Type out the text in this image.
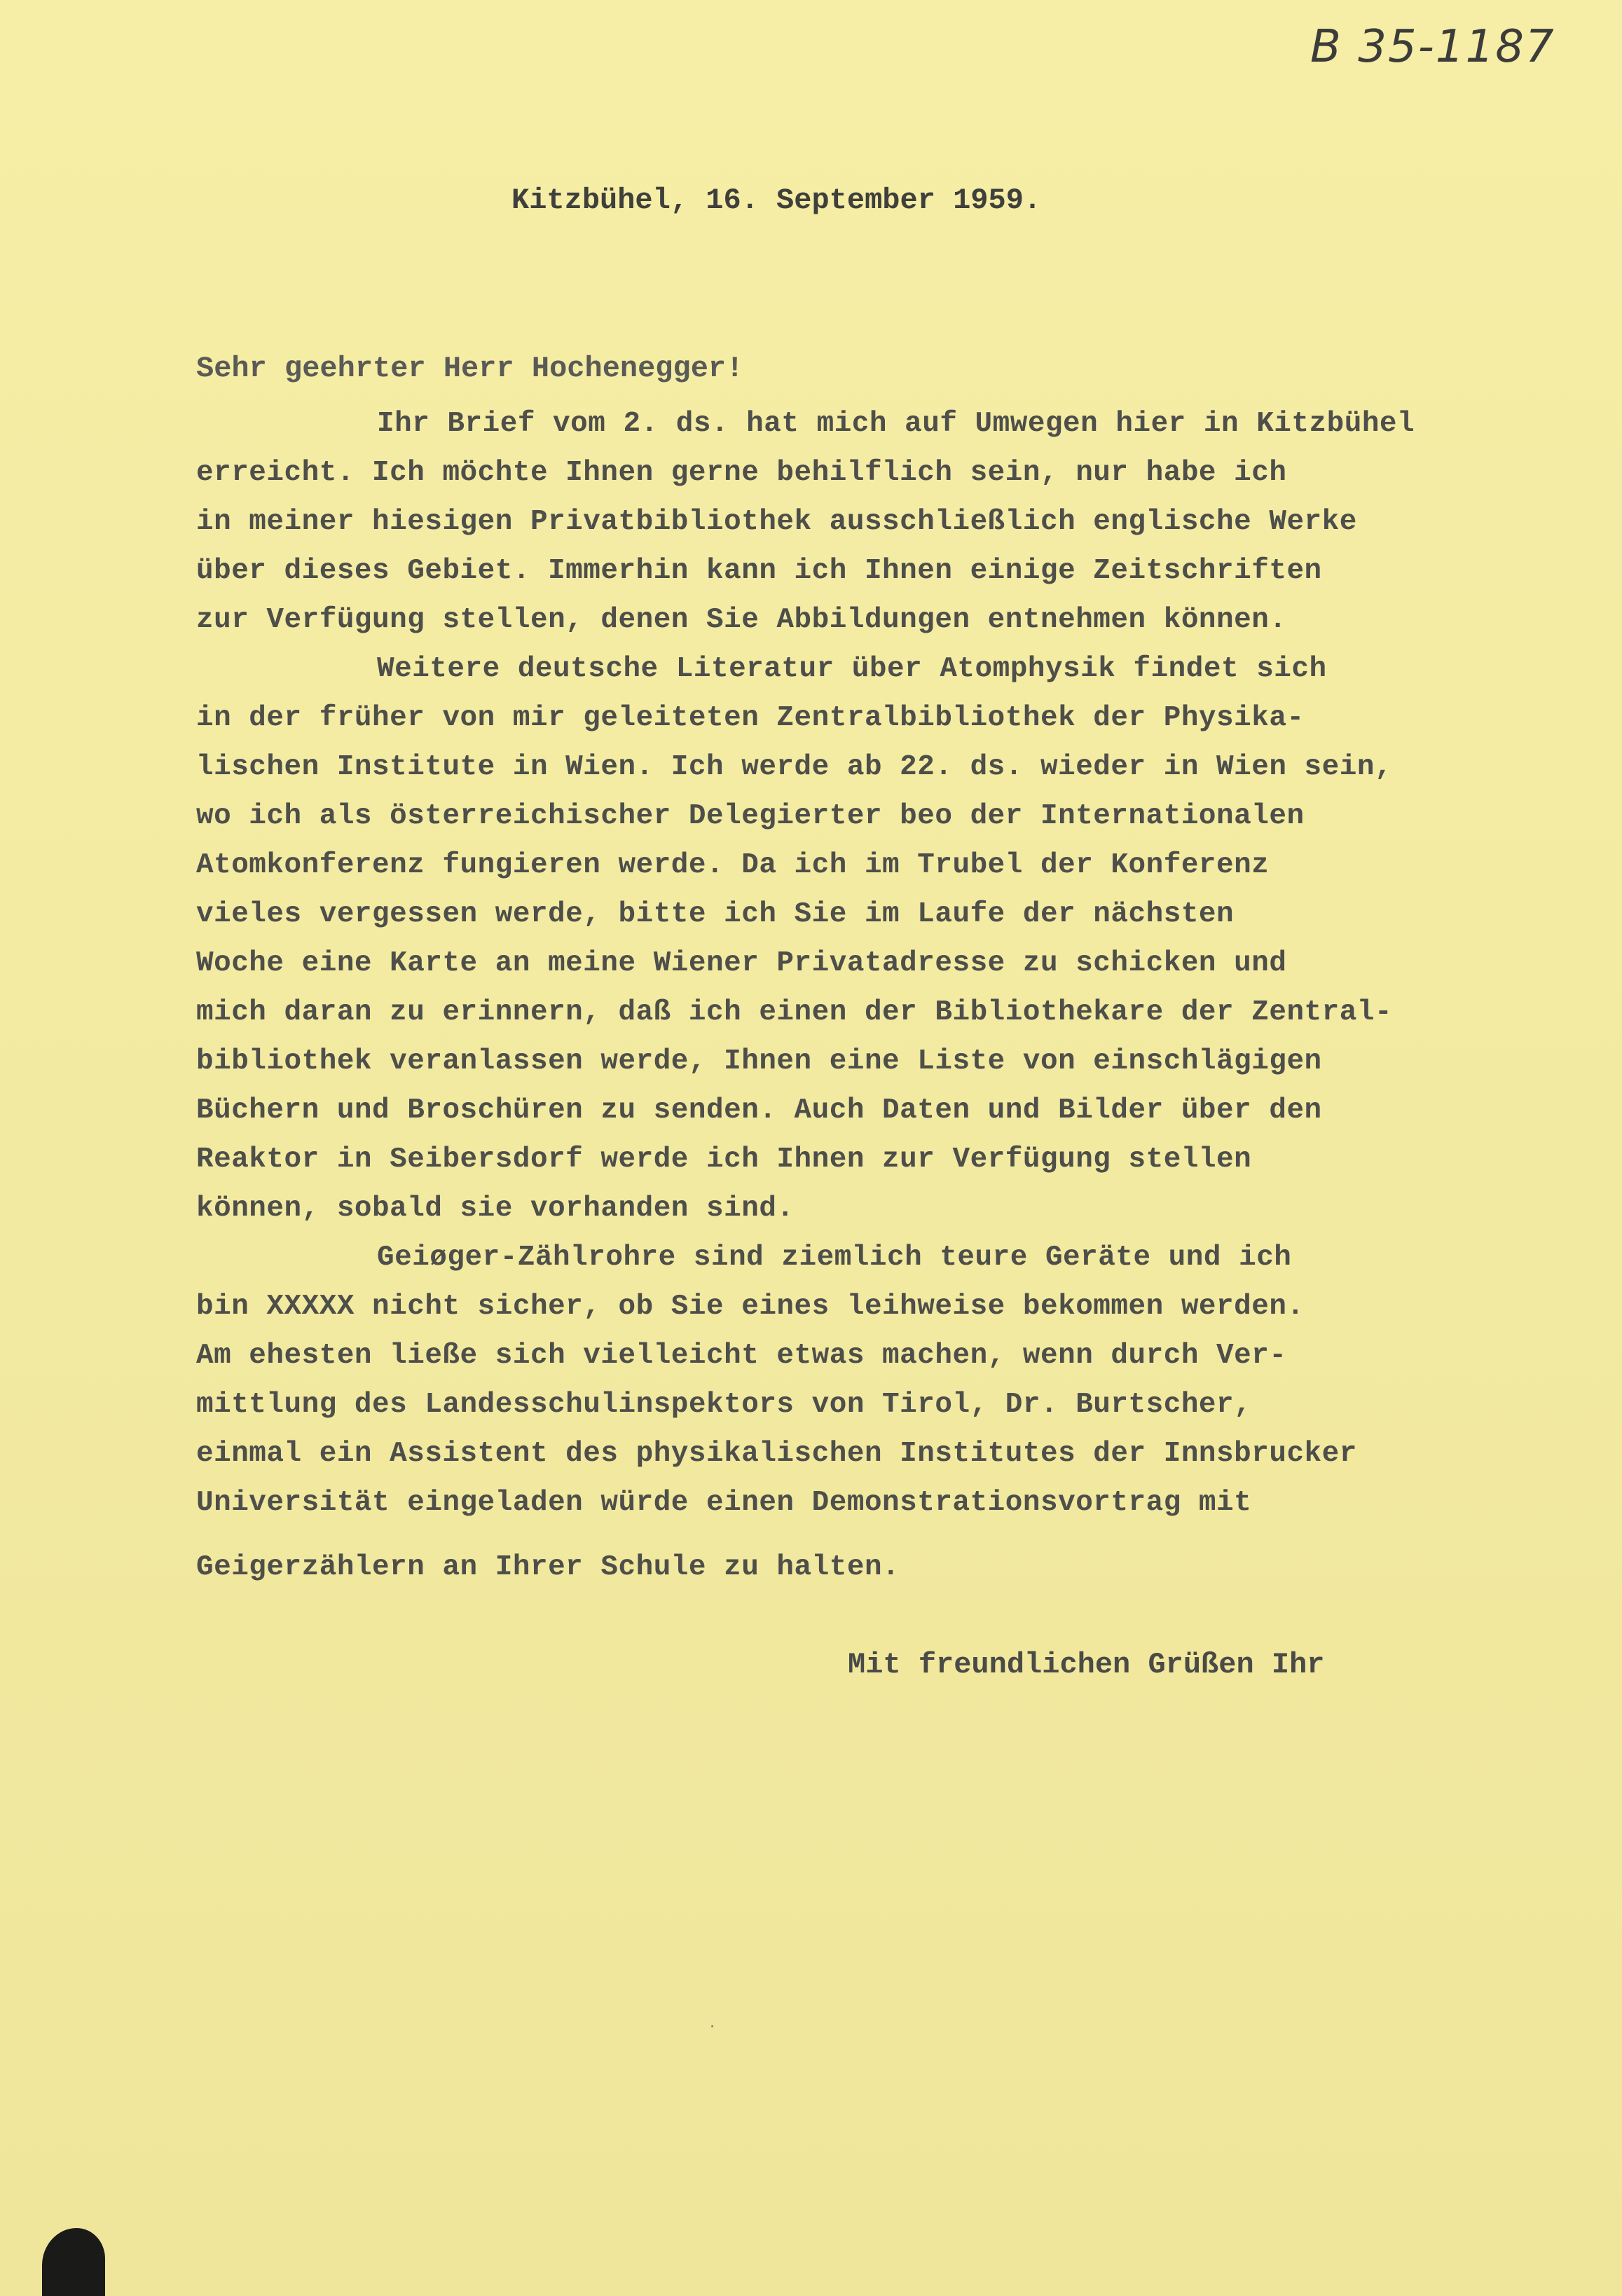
B 35-1187
Kitzbühel, 16. September 1959.
Sehr geehrter Herr Hochenegger!
Ihr Brief vom 2. ds. hat mich auf Umwegen hier in Kitzbühel
erreicht. Ich möchte Ihnen gerne behilflich sein, nur habe ich
in meiner hiesigen Privatbibliothek ausschließlich englische Werke
über dieses Gebiet. Immerhin kann ich Ihnen einige Zeitschriften
zur Verfügung stellen, denen Sie Abbildungen entnehmen können.
Weitere deutsche Literatur über Atomphysik findet sich
in der früher von mir geleiteten Zentralbibliothek der Physika-
lischen Institute in Wien. Ich werde ab 22. ds. wieder in Wien sein,
wo ich als österreichischer Delegierter beo der Internationalen
Atomkonferenz fungieren werde. Da ich im Trubel der Konferenz
vieles vergessen werde, bitte ich Sie im Laufe der nächsten
Woche eine Karte an meine Wiener Privatadresse zu schicken und
mich daran zu erinnern, daß ich einen der Bibliothekare der Zentral-
bibliothek veranlassen werde, Ihnen eine Liste von einschlägigen
Büchern und Broschüren zu senden. Auch Daten und Bilder über den
Reaktor in Seibersdorf werde ich Ihnen zur Verfügung stellen
können, sobald sie vorhanden sind.
Geiøger-Zählrohre sind ziemlich teure Geräte und ich
bin XXXXX nicht sicher, ob Sie eines leihweise bekommen werden.
Am ehesten ließe sich vielleicht etwas machen, wenn durch Ver-
mittlung des Landesschulinspektors von Tirol, Dr. Burtscher,
einmal ein Assistent des physikalischen Institutes der Innsbrucker
Universität eingeladen würde einen Demonstrationsvortrag mit
Geigerzählern an Ihrer Schule zu halten.
Mit freundlichen Grüßen Ihr
·
